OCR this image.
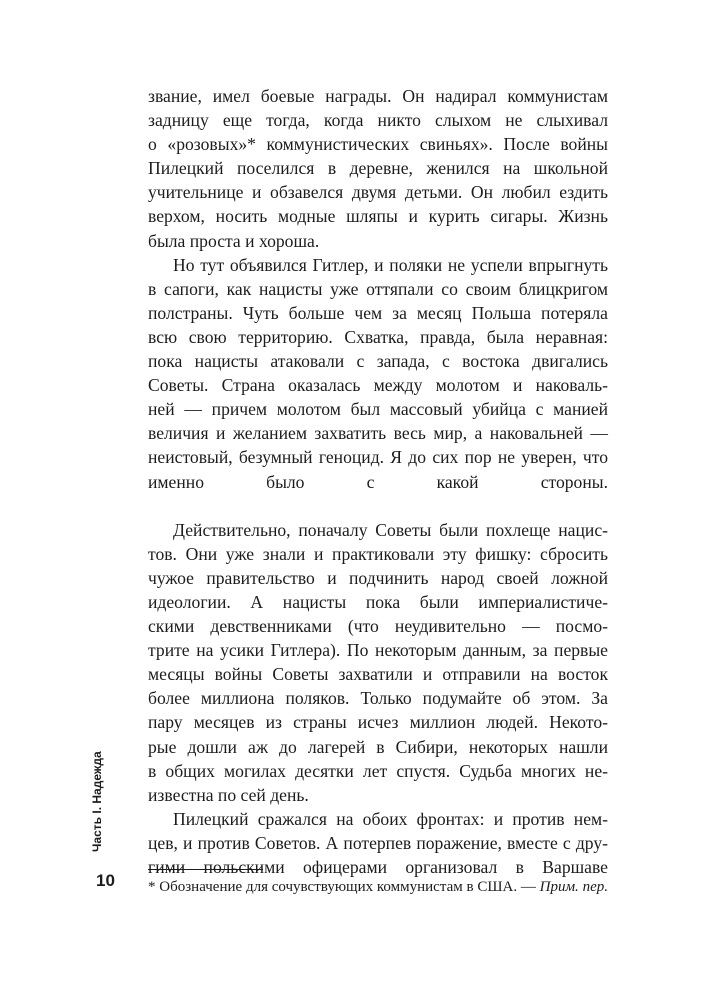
звание, имел боевые награды. Он надирал коммунистам
задницу еще тогда, когда никто слыхом не слыхивал
о «розовых»* коммунистических свиньях». После войны
Пилецкий поселился в деревне, женился на школьной
учительнице и обзавелся двумя детьми. Он любил ездить
верхом, носить модные шляпы и курить сигары. Жизнь
была проста и хороша.
Но тут объявился Гитлер, и поляки не успели впрыгнуть
в сапоги, как нацисты уже оттяпали со своим блицкригом
полстраны. Чуть больше чем за месяц Польша потеряла
всю свою территорию. Схватка, правда, была неравная:
пока нацисты атаковали с запада, с востока двигались
Советы. Страна оказалась между молотом и наковаль-
ней — причем молотом был массовый убийца с манией
величия и желанием захватить весь мир, а наковальней —
неистовый, безумный геноцид. Я до сих пор не уверен, что
именно было с какой стороны.
Действительно, поначалу Советы были похлеще нацис-
тов. Они уже знали и практиковали эту фишку: сбросить
чужое правительство и подчинить народ своей ложной
идеологии. А нацисты пока были империалистиче-
скими девственниками (что неудивительно — посмо-
трите на усики Гитлера). По некоторым данным, за первые
месяцы войны Советы захватили и отправили на восток
более миллиона поляков. Только подумайте об этом. За
пару месяцев из страны исчез миллион людей. Некото-
рые дошли аж до лагерей в Сибири, некоторых нашли
в общих могилах десятки лет спустя. Судьба многих не-
известна по сей день.
Пилецкий сражался на обоих фронтах: и против нем-
цев, и против Советов. А потерпев поражение, вместе с дру-
гими польскими офицерами организовал в Варшаве
Часть I. Надежда
10 * Обозначение для сочувствующих коммунистам в США. — Прим. пер.
